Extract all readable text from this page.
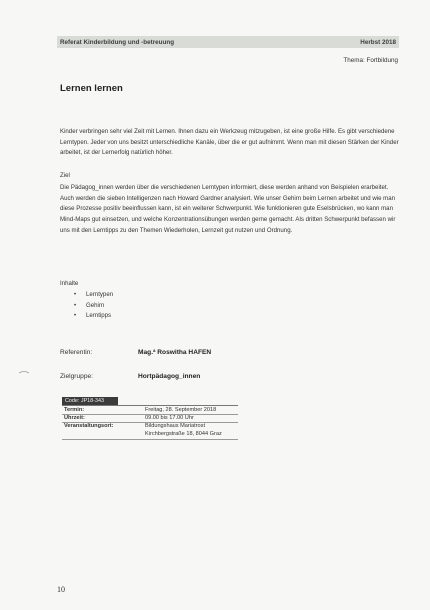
Referat Kinderbildung und -betreuung	Herbst 2018
Thema: Fortbildung
Lernen lernen

Kinder verbringen sehr viel Zeit mit Lernen. Ihnen dazu ein Werkzeug mitzugeben, ist eine große Hilfe. Es gibt verschiedene Lerntypen. Jeder von uns besitzt unterschiedliche Kanäle, über die er gut aufnimmt. Wenn man mit diesen Stärken der Kinder arbeitet, ist der Lernerfolg natürlich höher.

Ziel

Die Pädagog_innen werden über die verschiedenen Lerntypen informiert, diese werden anhand von Beispielen erarbeitet. Auch werden die sieben Intelligenzen nach Howard Gardner analysiert. Wie unser Gehirn beim Lernen arbeitet und wie man diese Prozesse positiv beeinflussen kann, ist ein weiterer Schwerpunkt. Wie funktionieren gute Eselsbrücken, wo kann man Mind-Maps gut einsetzen, und welche Konzentrationsübungen werden gerne gemacht. Als dritten Schwerpunkt befassen wir uns mit den Lerntipps zu den Themen Wiederholen, Lernzeit gut nutzen und Ordnung.

Inhalte
• Lerntypen
• Gehirn
• Lerntipps
Referentin:	Mag.ª Roswitha HAFEN
Zielgruppe:	Hortpädagog_innen
Code: JP18-343
Termin:	Freitag, 28. September 2018
Uhrzeit:	09.00 bis 17.00 Uhr
Veranstaltungsort:	Bildungshaus Mariatrost
Kirchbergstraße 18, 8044 Graz
10
